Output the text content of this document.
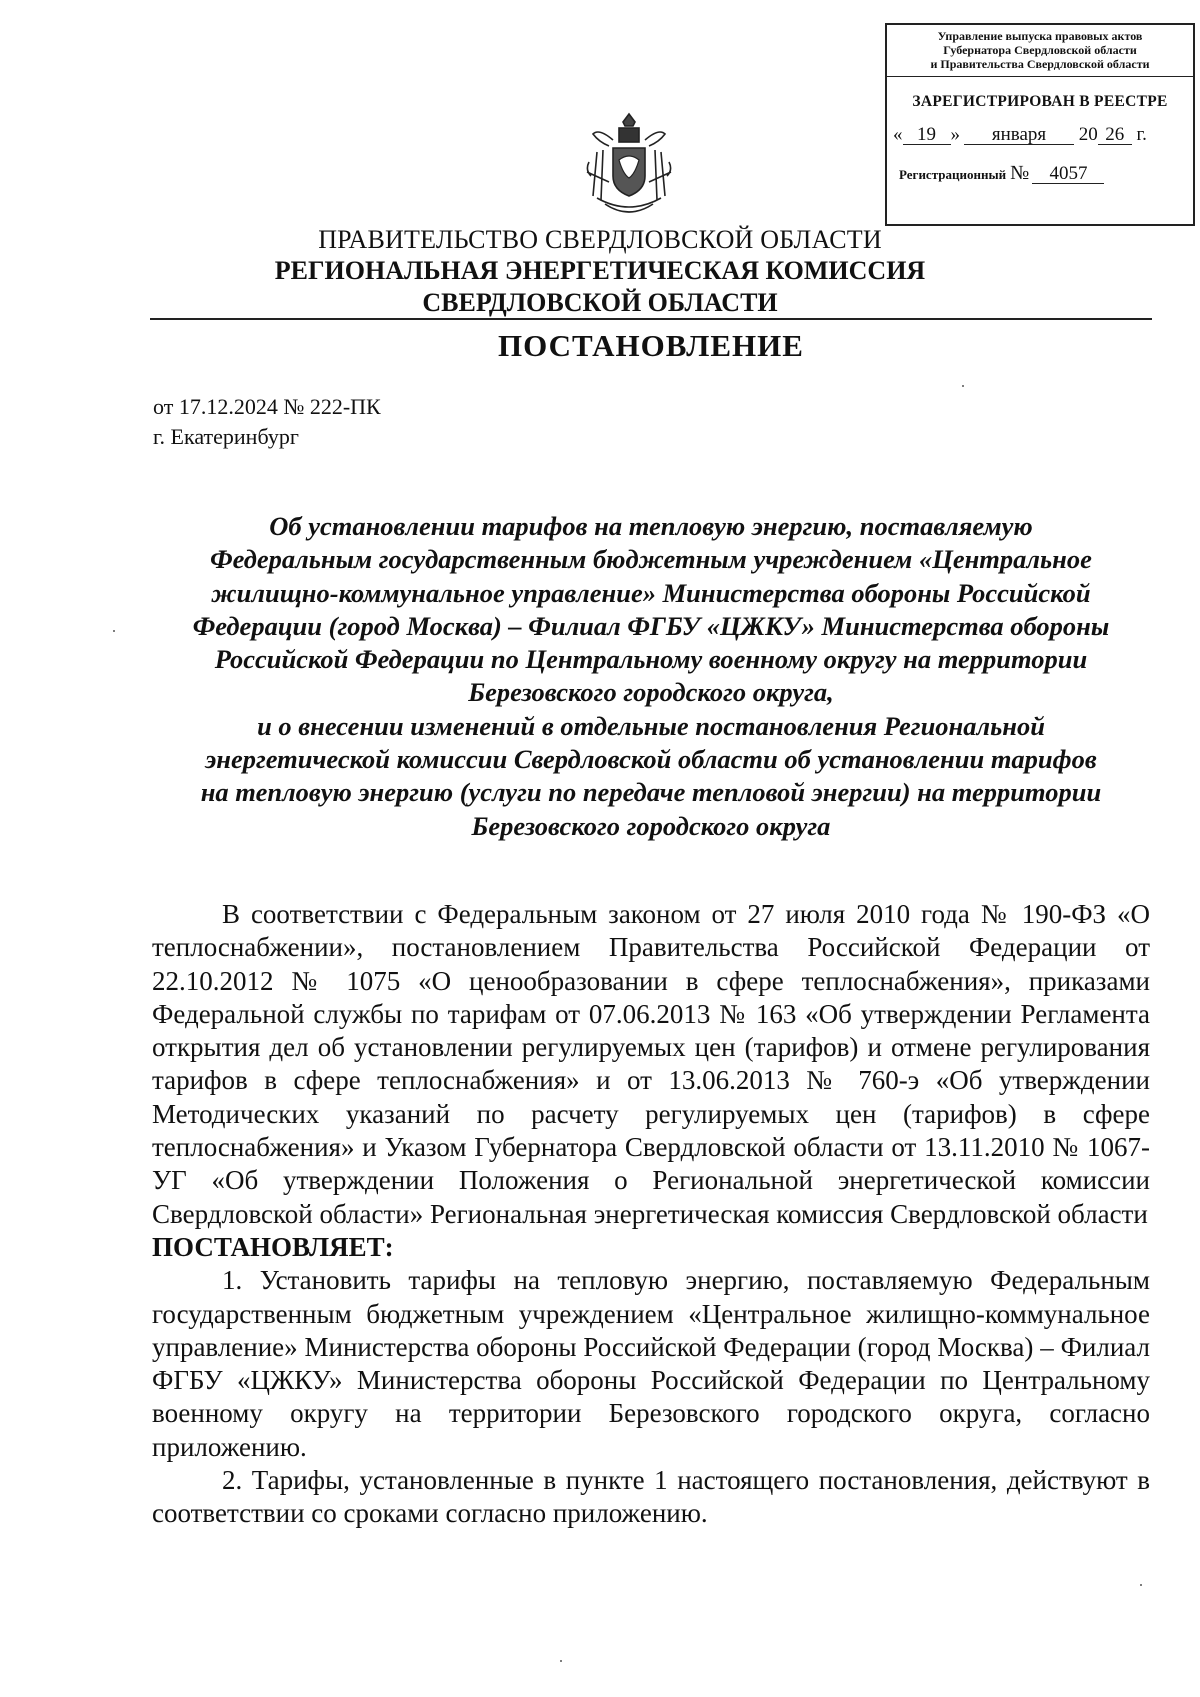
Управление выпуска правовых актов
Губернатора Свердловской области
и Правительства Свердловской области
ЗАРЕГИСТРИРОВАН В РЕЕСТРЕ
« 19 » января 20 26 г.
Регистрационный № 4057
ПРАВИТЕЛЬСТВО СВЕРДЛОВСКОЙ ОБЛАСТИ
РЕГИОНАЛЬНАЯ ЭНЕРГЕТИЧЕСКАЯ КОМИССИЯ
СВЕРДЛОВСКОЙ ОБЛАСТИ
ПОСТАНОВЛЕНИЕ
от 17.12.2024 № 222-ПК
г. Екатеринбург
Об установлении тарифов на тепловую энергию, поставляемую
Федеральным государственным бюджетным учреждением «Центральное
жилищно-коммунальное управление» Министерства обороны Российской
Федерации (город Москва) – Филиал ФГБУ «ЦЖКУ» Министерства обороны
Российской Федерации по Центральному военному округу на территории
Березовского городского округа,
и о внесении изменений в отдельные постановления Региональной
энергетической комиссии Свердловской области об установлении тарифов
на тепловую энергию (услуги по передаче тепловой энергии) на территории
Березовского городского округа

В соответствии с Федеральным законом от 27 июля 2010 года № 190-ФЗ «О теплоснабжении», постановлением Правительства Российской Федерации от 22.10.2012 № 1075 «О ценообразовании в сфере теплоснабжения», приказами Федеральной службы по тарифам от 07.06.2013 № 163 «Об утверждении Регламента открытия дел об установлении регулируемых цен (тарифов) и отмене регулирования тарифов в сфере теплоснабжения» и от 13.06.2013 № 760-э «Об утверждении Методических указаний по расчету регулируемых цен (тарифов) в сфере теплоснабжения» и Указом Губернатора Свердловской области от 13.11.2010 № 1067-УГ «Об утверждении Положения о Региональной энергетической комиссии Свердловской области» Региональная энергетическая комиссия Свердловской области

ПОСТАНОВЛЯЕТ:

1. Установить тарифы на тепловую энергию, поставляемую Федеральным государственным бюджетным учреждением «Центральное жилищно-коммунальное управление» Министерства обороны Российской Федерации (город Москва) – Филиал ФГБУ «ЦЖКУ» Министерства обороны Российской Федерации по Центральному военному округу на территории Березовского городского округа, согласно приложению.

2. Тарифы, установленные в пункте 1 настоящего постановления, действуют в соответствии со сроками согласно приложению.
